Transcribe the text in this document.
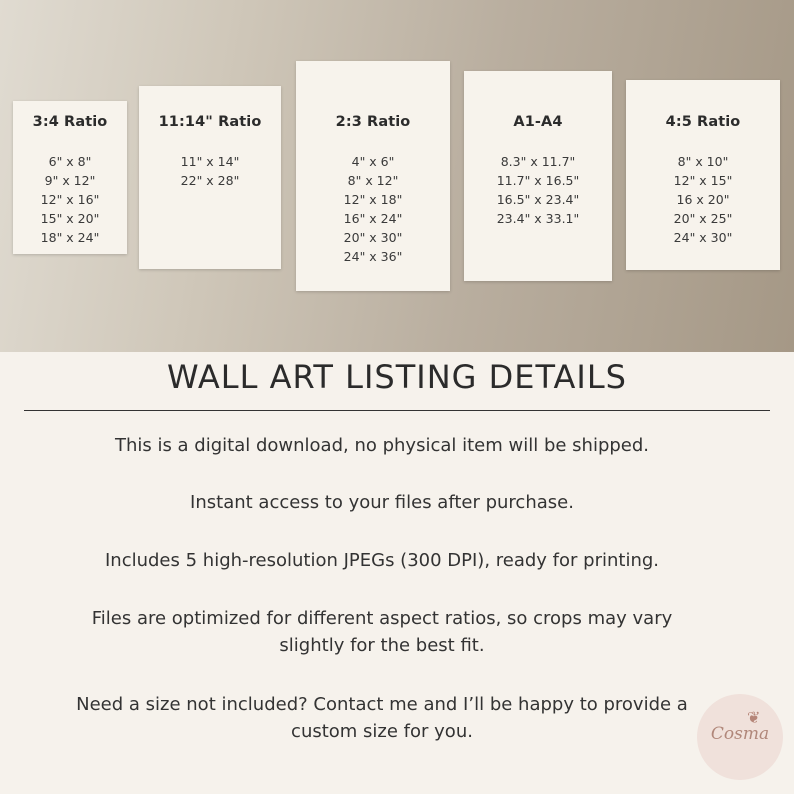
3:4 Ratio
6" x 8"
9" x 12"
12" x 16"
15" x 20"
18" x 24"
11:14" Ratio
11" x 14"
22" x 28"
2:3 Ratio
4" x 6"
8" x 12"
12" x 18"
16" x 24"
20" x 30"
24" x 36"
A1-A4
8.3" x 11.7"
11.7" x 16.5"
16.5" x 23.4"
23.4" x 33.1"
4:5 Ratio
8" x 10"
12" x 15"
16 x 20"
20" x 25"
24" x 30"
WALL ART LISTING DETAILS

This is a digital download, no physical item will be shipped.

Instant access to your files after purchase.

Includes 5 high-resolution JPEGs (300 DPI), ready for printing.

Files are optimized for different aspect ratios, so crops may vary slightly for the best fit.

Need a size not included? Contact me and I’ll be happy to provide a custom size for you.

❦
Cosma
